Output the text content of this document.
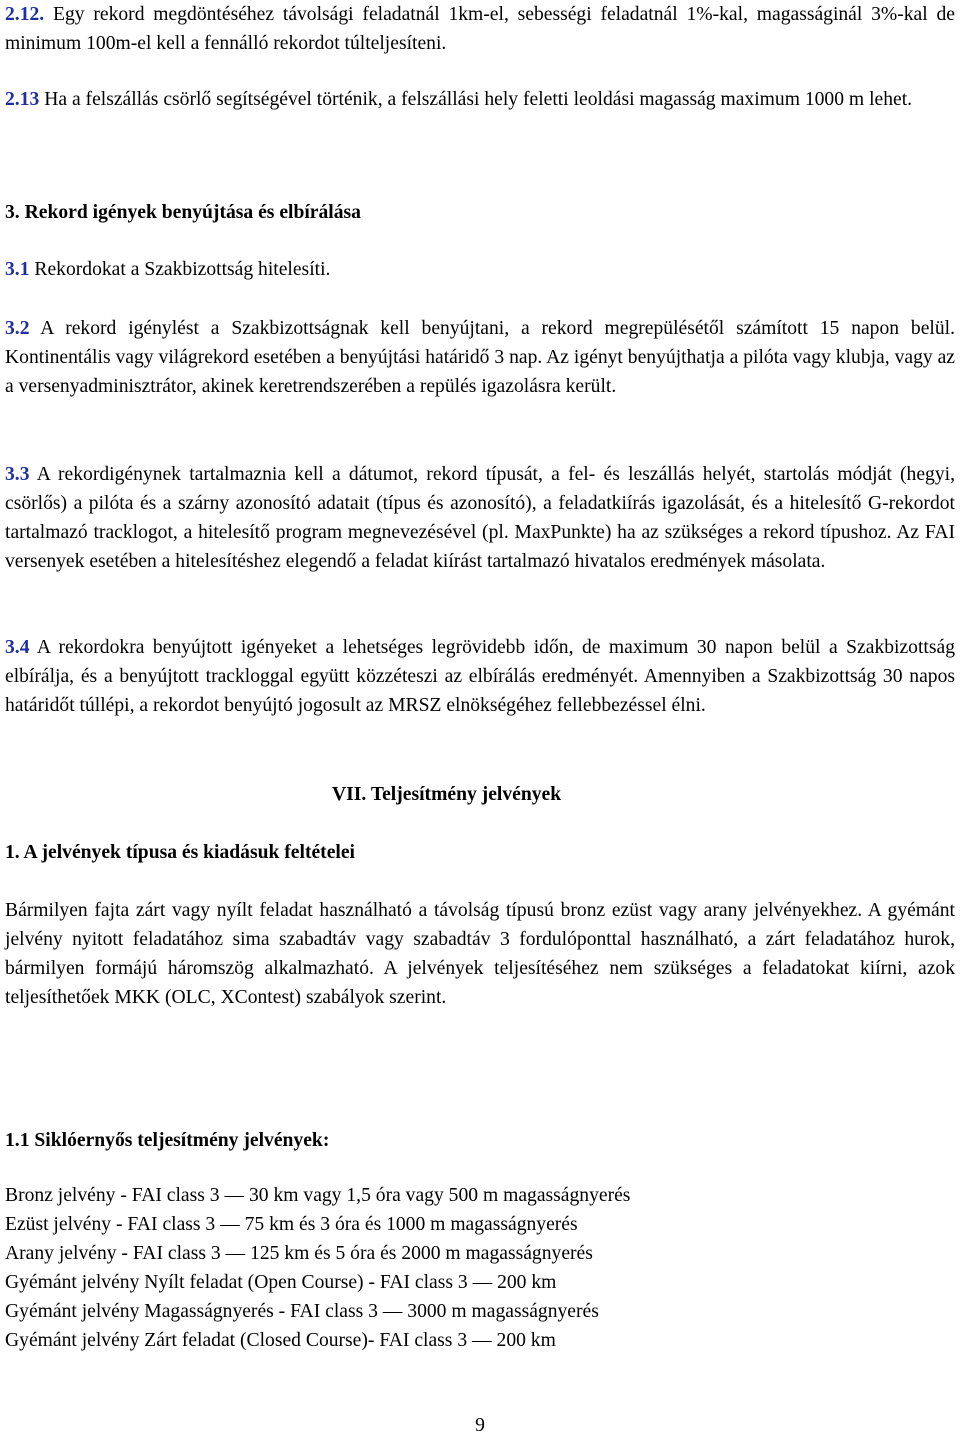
2.12. Egy rekord megdöntéséhez távolsági feladatnál 1km-el, sebességi feladatnál 1%-kal, magasságinál 3%-kal de minimum 100m-el kell a fennálló rekordot túlteljesíteni.

2.13 Ha a felszállás csörlő segítségével történik, a felszállási hely feletti leoldási magasság maximum 1000 m lehet.

3. Rekord igények benyújtása és elbírálása

3.1 Rekordokat a Szakbizottság hitelesíti.

3.2 A rekord igénylést a Szakbizottságnak kell benyújtani, a rekord megrepülésétől számított 15 napon belül. Kontinentális vagy világrekord esetében a benyújtási határidő 3 nap. Az igényt benyújthatja a pilóta vagy klubja, vagy az a versenyadminisztrátor, akinek keretrendszerében a repülés igazolásra került.

3.3 A rekordigénynek tartalmaznia kell a dátumot, rekord típusát, a fel- és leszállás helyét, startolás módját (hegyi, csörlős) a pilóta és a szárny azonosító adatait (típus és azonosító), a feladatkiírás igazolását, és a hitelesítő G-rekordot tartalmazó tracklogot, a hitelesítő program megnevezésével (pl. MaxPunkte) ha az szükséges a rekord típushoz. Az FAI versenyek esetében a hitelesítéshez elegendő a feladat kiírást tartalmazó hivatalos eredmények másolata.

3.4 A rekordokra benyújtott igényeket a lehetséges legrövidebb időn, de maximum 30 napon belül a Szakbizottság elbírálja, és a benyújtott trackloggal együtt közzéteszi az elbírálás eredményét. Amennyiben a Szakbizottság 30 napos határidőt túllépi, a rekordot benyújtó jogosult az MRSZ elnökségéhez fellebbezéssel élni.

VII. Teljesítmény jelvények

1. A jelvények típusa és kiadásuk feltételei

Bármilyen fajta zárt vagy nyílt feladat használható a távolság típusú bronz ezüst vagy arany jelvényekhez. A gyémánt jelvény nyitott feladatához sima szabadtáv vagy szabadtáv 3 fordulóponttal használható, a zárt feladatához hurok, bármilyen formájú háromszög alkalmazható. A jelvények teljesítéséhez nem szükséges a feladatokat kiírni, azok teljesíthetőek MKK (OLC, XContest) szabályok szerint.

1.1 Siklóernyős teljesítmény jelvények:

Bronz jelvény - FAI class 3 — 30 km vagy 1,5 óra vagy 500 m magasságnyerés

Ezüst jelvény - FAI class 3 — 75 km és 3 óra és 1000 m magasságnyerés

Arany jelvény - FAI class 3 — 125 km és 5 óra és 2000 m magasságnyerés

Gyémánt jelvény Nyílt feladat (Open Course) - FAI class 3 — 200 km

Gyémánt jelvény Magasságnyerés - FAI class 3 — 3000 m magasságnyerés

Gyémánt jelvény Zárt feladat (Closed Course)- FAI class 3 — 200 km

9
